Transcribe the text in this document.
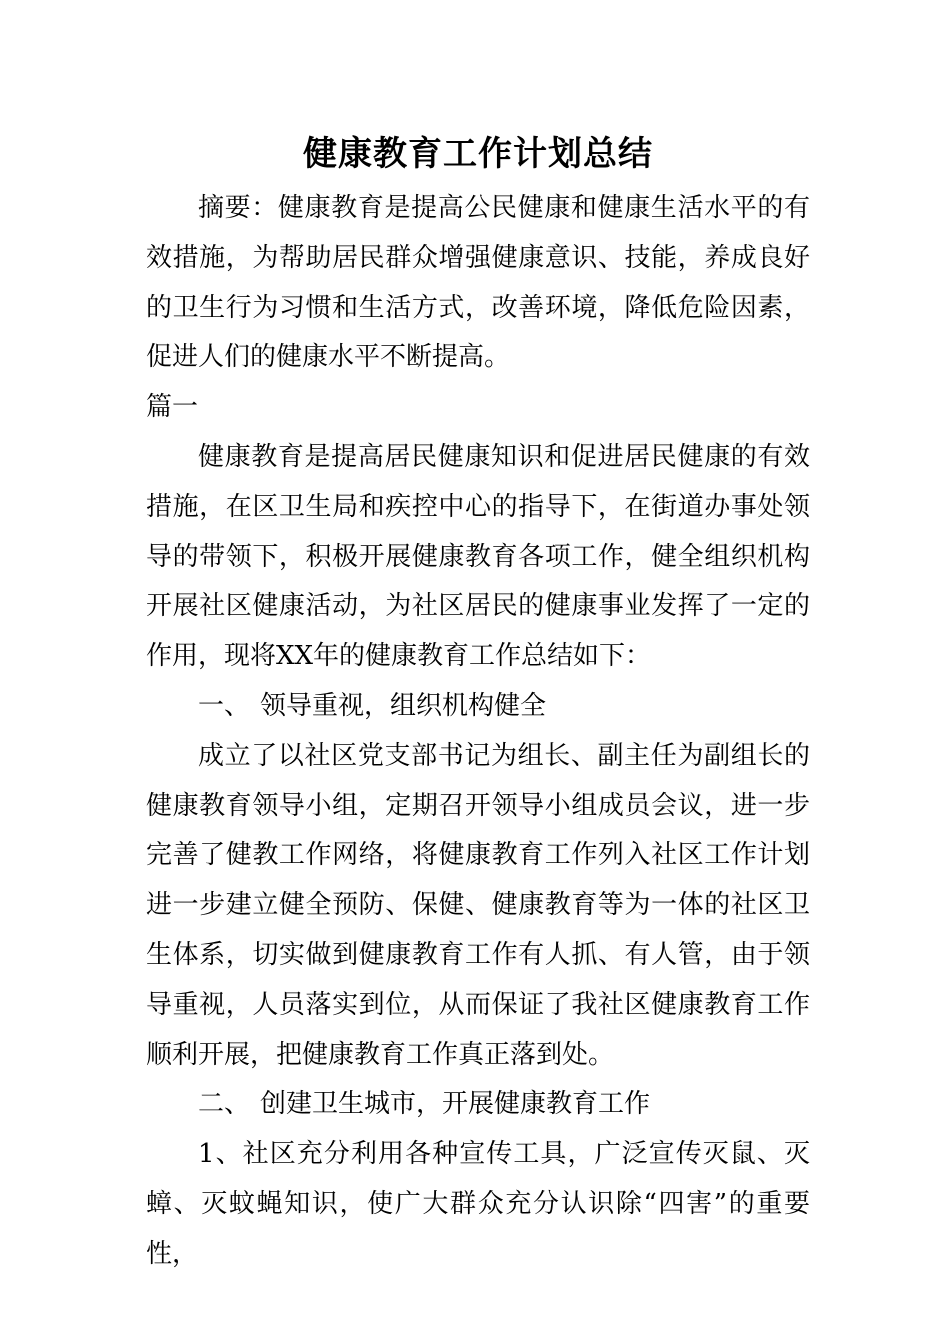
健康教育工作计划总结

摘要：健康教育是提高公民健康和健康生活水平的有效措施，为帮助居民群众增强健康意识、技能，养成良好的卫生行为习惯和生活方式，改善环境，降低危险因素，促进人们的健康水平不断提高。

篇一

健康教育是提高居民健康知识和促进居民健康的有效措施，在区卫生局和疾控中心的指导下，在街道办事处领导的带领下，积极开展健康教育各项工作，健全组织机构开展社区健康活动，为社区居民的健康事业发挥了一定的作用，现将XX年的健康教育工作总结如下：

一、 领导重视，组织机构健全

成立了以社区党支部书记为组长、副主任为副组长的健康教育领导小组，定期召开领导小组成员会议，进一步完善了健教工作网络，将健康教育工作列入社区工作计划进一步建立健全预防、保健、健康教育等为一体的社区卫生体系，切实做到健康教育工作有人抓、有人管，由于领导重视，人员落实到位，从而保证了我社区健康教育工作顺利开展，把健康教育工作真正落到处。

二、 创建卫生城市，开展健康教育工作

1、社区充分利用各种宣传工具，广泛宣传灭鼠、灭蟑、灭蚊蝇知识，使广大群众充分认识除“四害”的重要性，
